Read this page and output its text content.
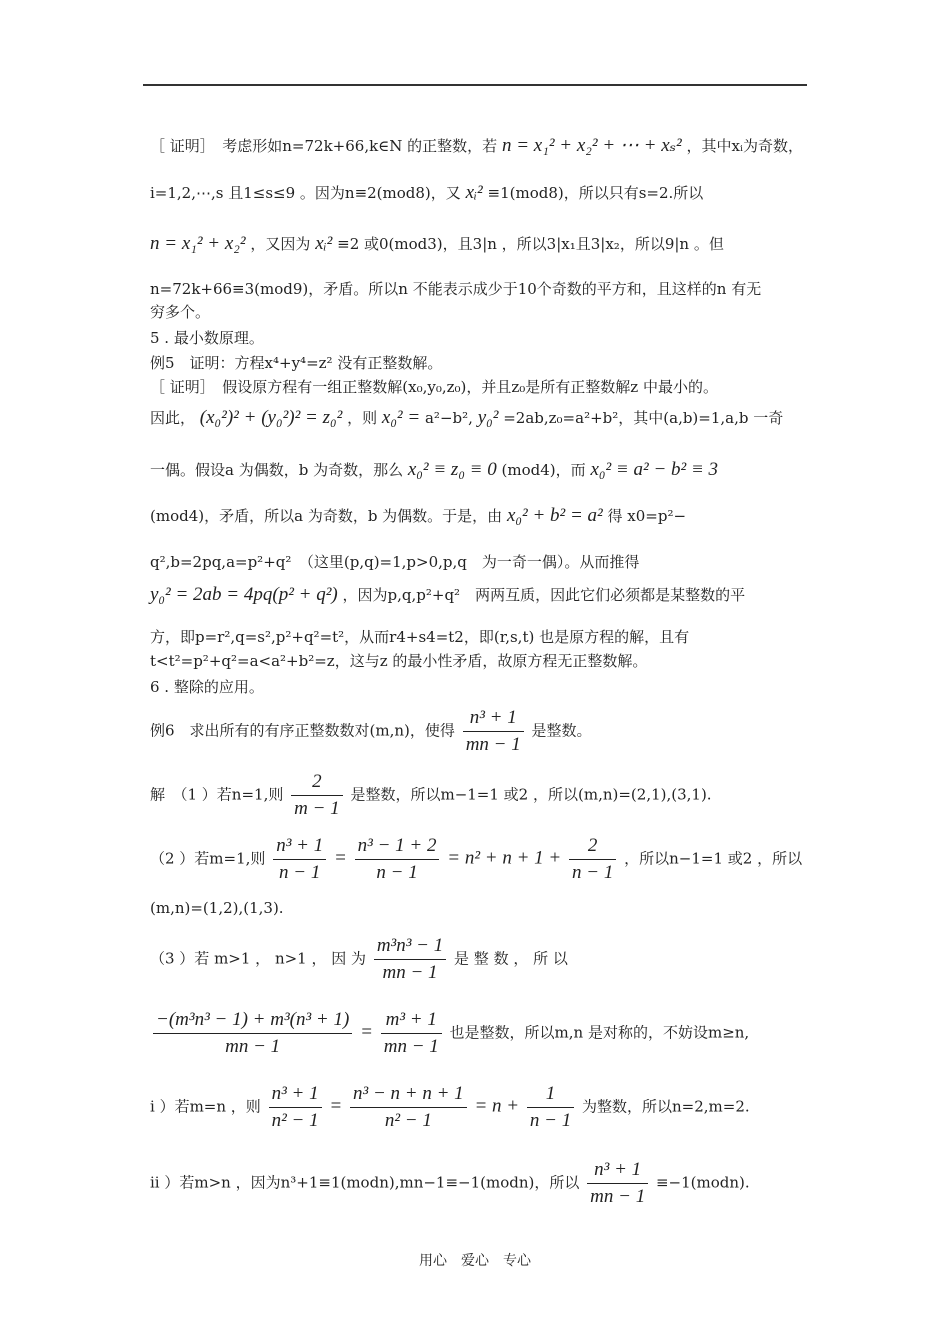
［ 证明］　考虑形如n=72k+66,k∈N 的正整数，若 n = x₁² + x₂² + ⋯ + xₛ² ，其中xᵢ为奇数，
i=1,2,⋯,s 且1≤s≤9 。因为n≡2(mod8)，又 xᵢ² ≡1(mod8)，所以只有s=2.所以
n = x₁² + x₂² ，又因为 xᵢ² ≡2 或0(mod3)，且3|n ，所以3|x₁且3|x₂，所以9|n 。但
n=72k+66≡3(mod9)，矛盾。所以n 不能表示成少于10个奇数的平方和，且这样的n 有无
穷多个。
5 . 最小数原理。
例5　证明：方程x⁴+y⁴=z² 没有正整数解。
［ 证明］　假设原方程有一组正整数解(x₀,y₀,z₀)，并且z₀是所有正整数解z 中最小的。
因此， (x₀²)² + (y₀²)² = z₀² ，则 x₀² = a²−b², y₀² =2ab,z₀=a²+b²，其中(a,b)=1,a,b 一奇
一偶。假设a 为偶数，b 为奇数，那么 x₀² ≡ z₀ ≡ 0 (mod4)，而 x₀² ≡ a² − b² ≡ 3
(mod4)，矛盾，所以a 为奇数，b 为偶数。于是，由 x₀² + b² = a² 得 x0=p²−
q²,b=2pq,a=p²+q²　（这里(p,q)=1,p>0,p,q　为一奇一偶）。从而推得
y₀² = 2ab = 4pq(p² + q²) ，因为p,q,p²+q²　两两互质，因此它们必须都是某整数的平
方，即p=r²,q=s²,p²+q²=t²，从而r4+s4=t2，即(r,s,t) 也是原方程的解，且有
t<t²=p²+q²=a<a²+b²=z，这与z 的最小性矛盾，故原方程无正整数解。
6 . 整除的应用。
例6　求出所有的有序正整数数对(m,n)，使得 $\frac{\text{n³ + 1}}{mn - 1}$ 是整数。
解　（1 ）若n=1,则 $\frac{2}{m - 1}$ 是整数，所以m−1=1 或2 ，所以(m,n)=(2,1),(3,1).
（2 ）若m=1,则 $\frac{\text{n³ + 1}}{n - 1} = \frac{\text{n³ − 1 + 2}}{n - 1} = n^2 + n + 1 + \frac{2}{n - 1}$ ，所以n−1=1 或2 ，所以
(m,n)=(1,2),(1,3).
（3 ）若 m>1 ， n>1 ， 因 为 $\frac{\text{m³n³ − 1}}{mn - 1}$ 是 整 数 ， 所 以
$\frac{\text{−(m³n³ − 1) + m³(n³ + 1)}}{mn - 1} = \frac{\text{m³ + 1}}{mn - 1}$ 也是整数，所以m,n 是对称的，不妨设m≥n,
i ）若m=n ，则 $\frac{\text{n³ + 1}}{\text{n² − 1}} = \frac{\text{n³ − n + n + 1}}{\text{n² − 1}} = n + \frac{1}{n - 1}$ 为整数，所以n=2,m=2.
ii ）若m>n ，因为n³+1≡1(modn),mn−1≡−1(modn)，所以 $\frac{\text{n³ + 1}}{mn - 1}$ ≡−1(modn).
用心　爱心　专心
